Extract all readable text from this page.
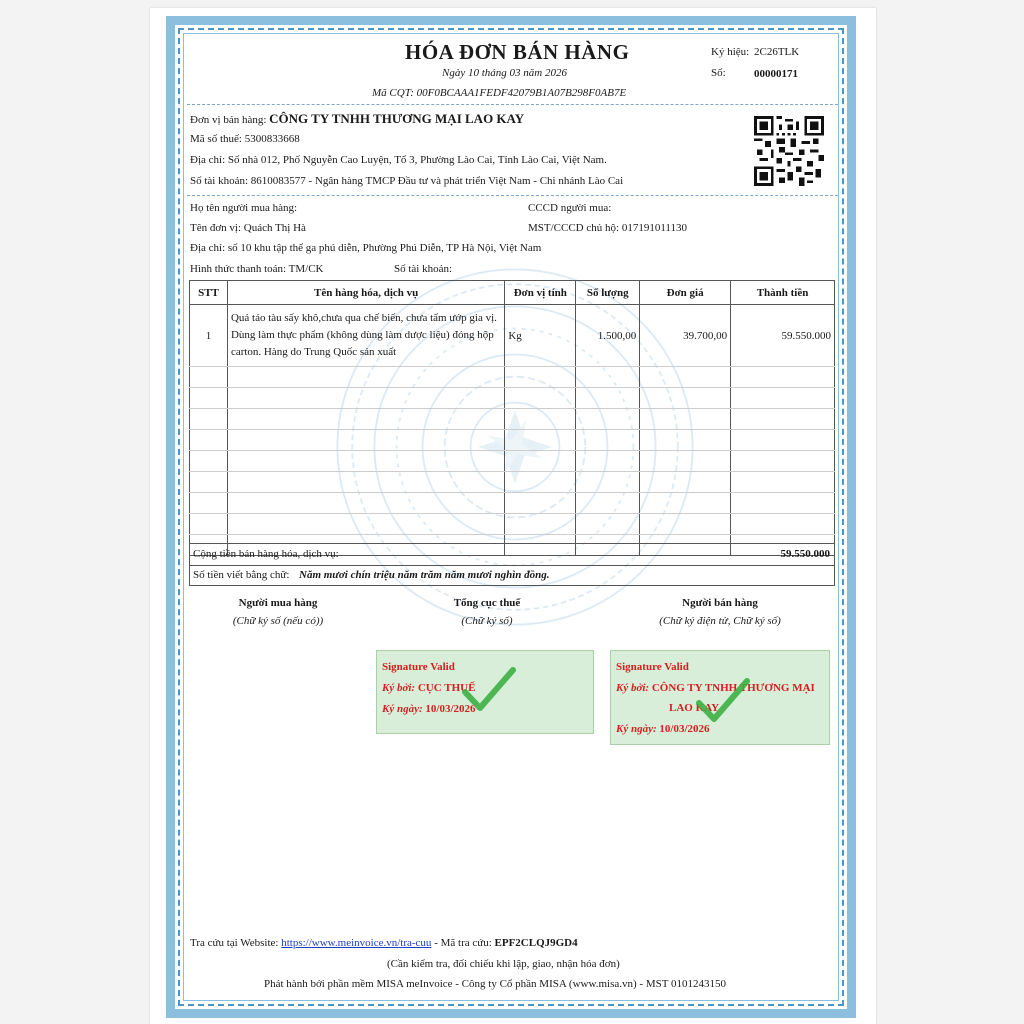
HÓA ĐƠN BÁN HÀNG
Ngày 10 tháng 03 năm 2026
Mã CQT: 00F0BCAAA1FEDF42079B1A07B298F0AB7E
Ký hiệu: 2C26TLK
Số:	00000171
Đơn vị bán hàng: CÔNG TY TNHH THƯƠNG MẠI LAO KAY
Mã số thuế: 5300833668
Địa chỉ: Số nhà 012, Phố Nguyễn Cao Luyện, Tổ 3, Phường Lào Cai, Tỉnh Lào Cai, Việt Nam.
Số tài khoản: 8610083577 - Ngân hàng TMCP Đầu tư và phát triển Việt Nam - Chi nhánh Lào Cai
Họ tên người mua hàng:	CCCD người mua:
Tên đơn vị: Quách Thị Hà	MST/CCCD chủ hộ: 017191011130
Địa chỉ: số 10 khu tập thể ga phú diễn, Phường Phú Diễn, TP Hà Nội, Việt Nam
Hình thức thanh toán: TM/CK	Số tài khoản:
STT	Tên hàng hóa, dịch vụ	Đơn vị tính	Số lượng	Đơn giá	Thành tiền
1	Quả táo tàu sấy khô,chưa qua chế biến, chưa tẩm ướp gia vị. Dùng làm thực phẩm (không dùng làm dược liệu) đóng hộp carton. Hàng do Trung Quốc sản xuất	Kg	1.500,00	39.700,00	59.550.000

Cộng tiền bán hàng hóa, dịch vụ:	59.550.000
Số tiền viết bằng chữ: Năm mươi chín triệu năm trăm năm mươi nghìn đồng.
Người mua hàng
(Chữ ký số (nếu có))
Tổng cục thuế
(Chữ ký số)
Người bán hàng
(Chữ ký điện tử, Chữ ký số)
Signature Valid
Ký bởi: CỤC THUẾ
Ký ngày: 10/03/2026
Signature Valid
Ký bởi: CÔNG TY TNHH THƯƠNG MẠI
LAO KAY
Ký ngày: 10/03/2026
Tra cứu tại Website: https://www.meinvoice.vn/tra-cuu - Mã tra cứu: EPF2CLQJ9GD4
(Cần kiểm tra, đối chiếu khi lập, giao, nhận hóa đơn)
Phát hành bởi phần mềm MISA meInvoice - Công ty Cổ phần MISA (www.misa.vn) - MST 0101243150
